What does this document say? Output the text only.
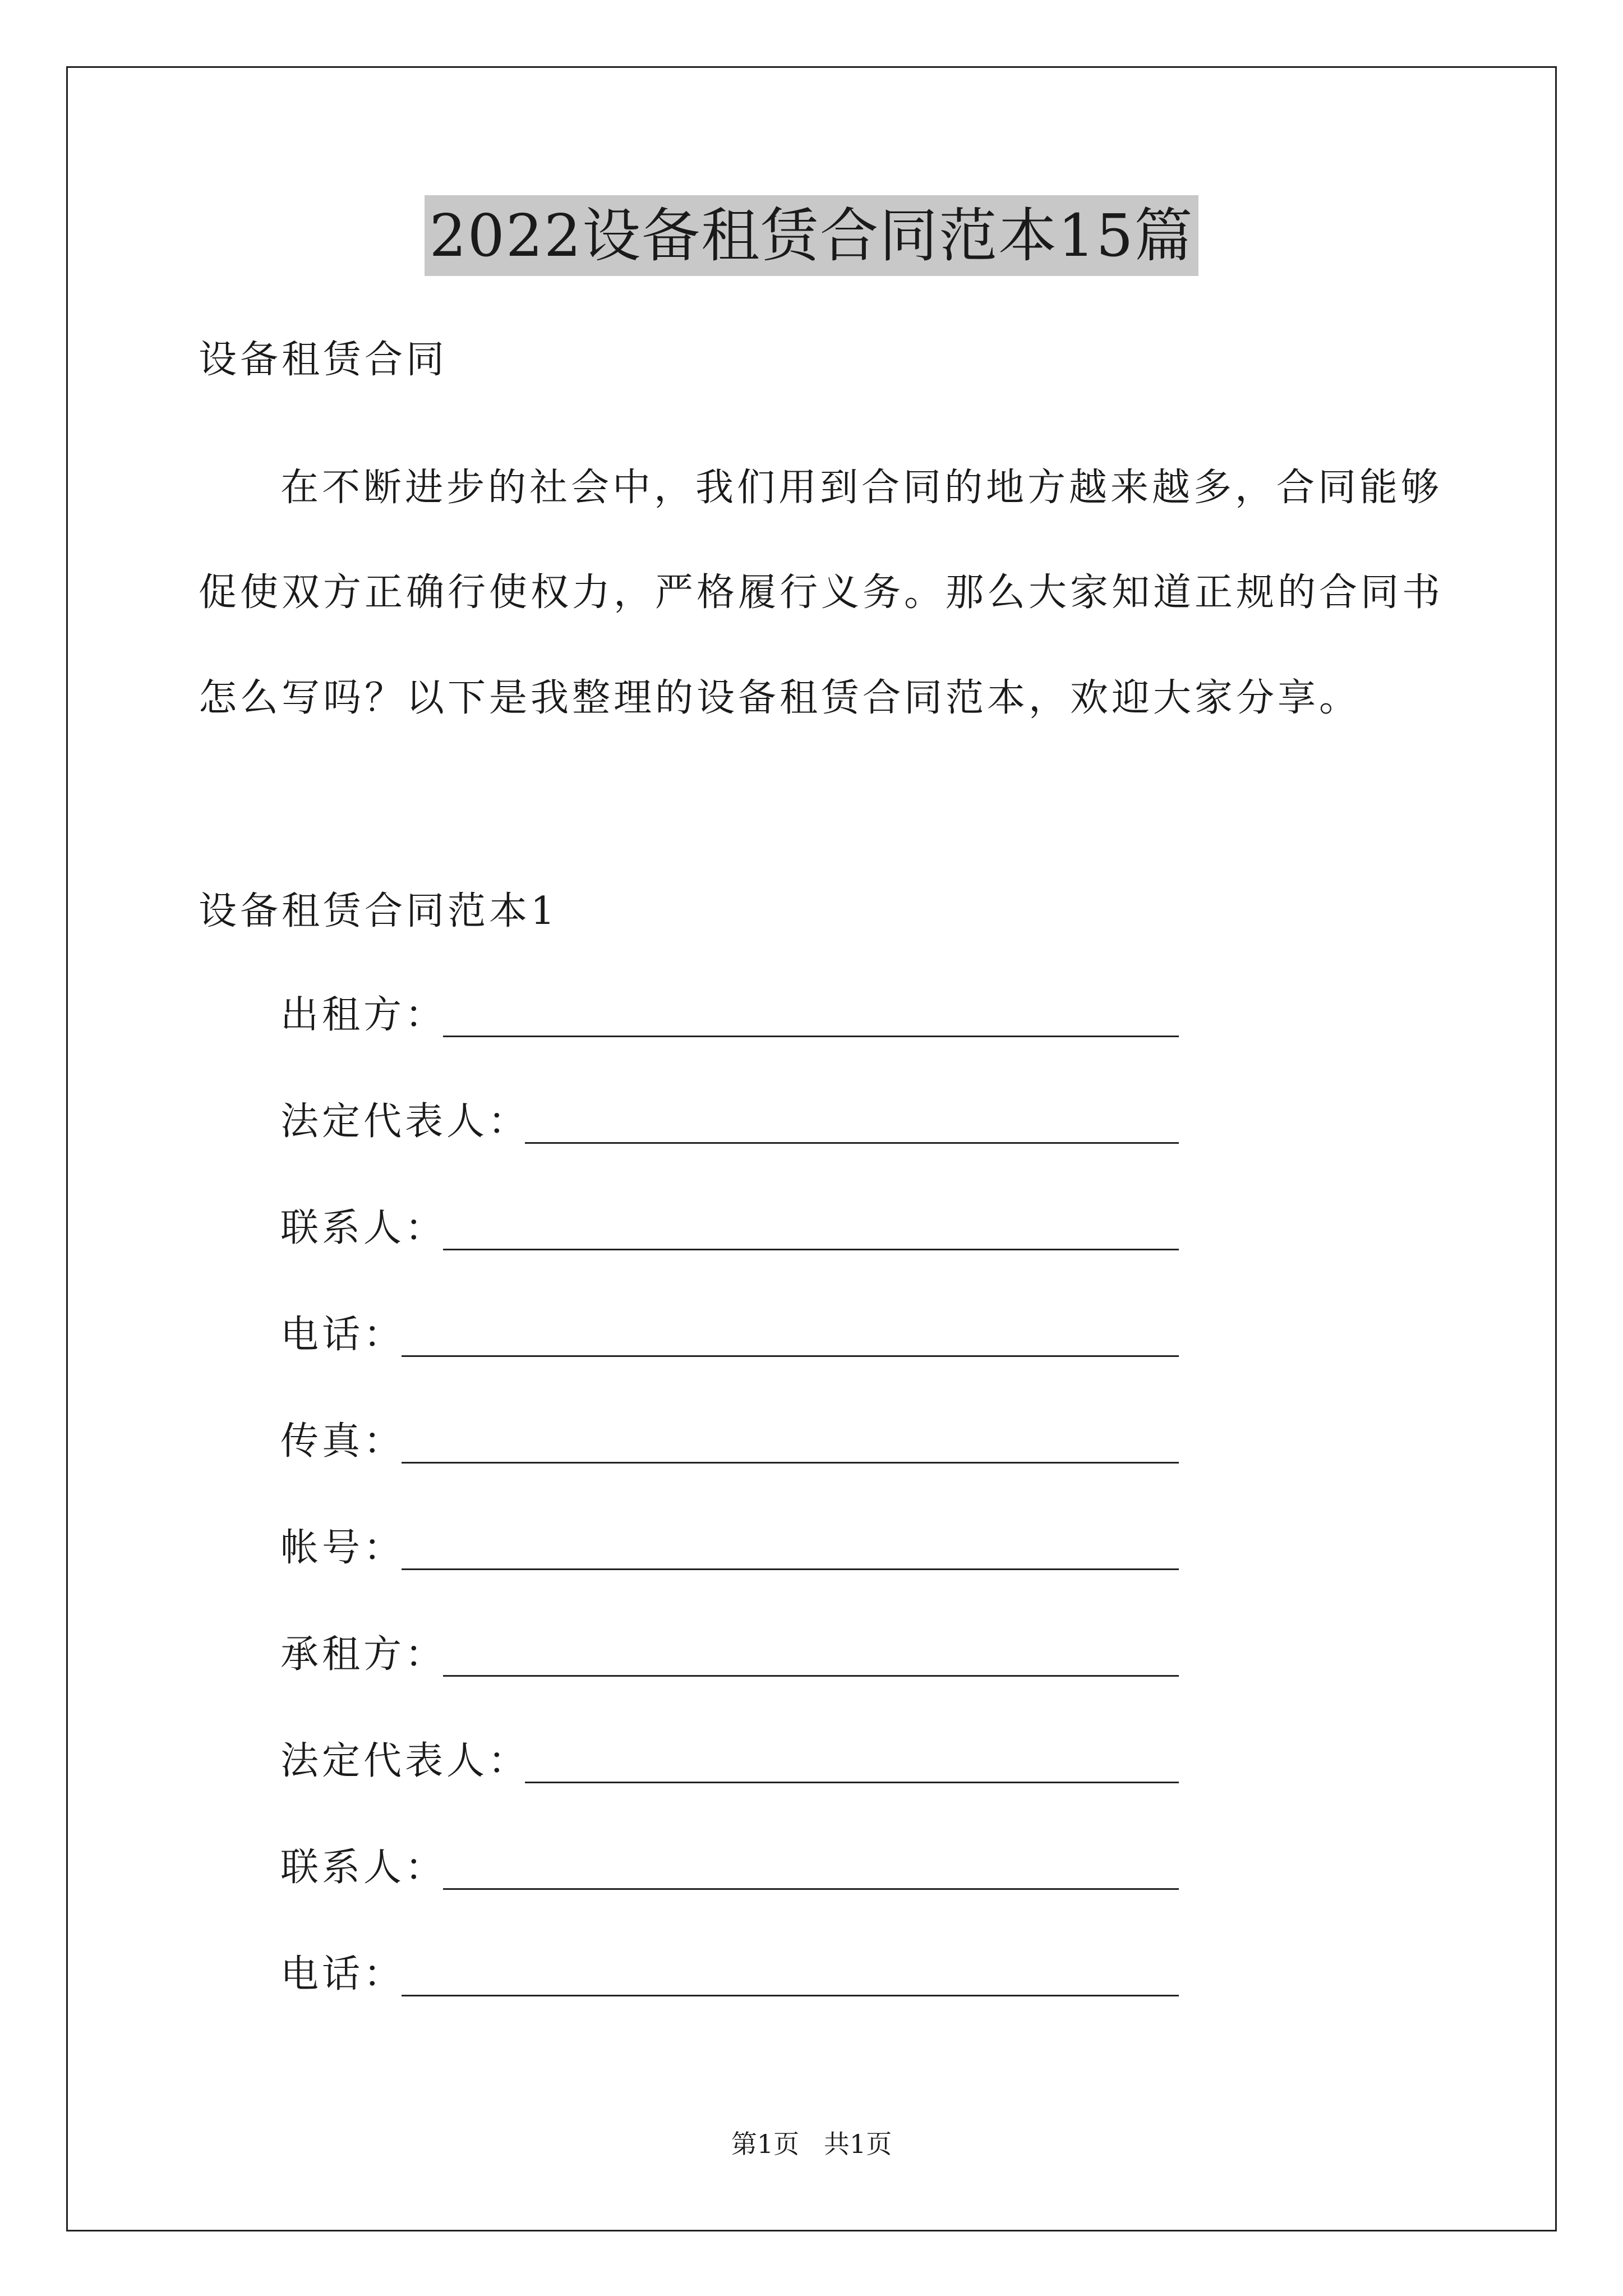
2022设备租赁合同范本15篇
设备租赁合同
在不断进步的社会中，我们用到合同的地方越来越多，合同能够
促使双方正确行使权力，严格履行义务。那么大家知道正规的合同书
怎么写吗？以下是我整理的设备租赁合同范本，欢迎大家分享。
设备租赁合同范本1
出租方：
法定代表人：
联系人：
电话：
传真：
帐号：
承租方：
法定代表人：
联系人：
电话：
第1页   共1页
